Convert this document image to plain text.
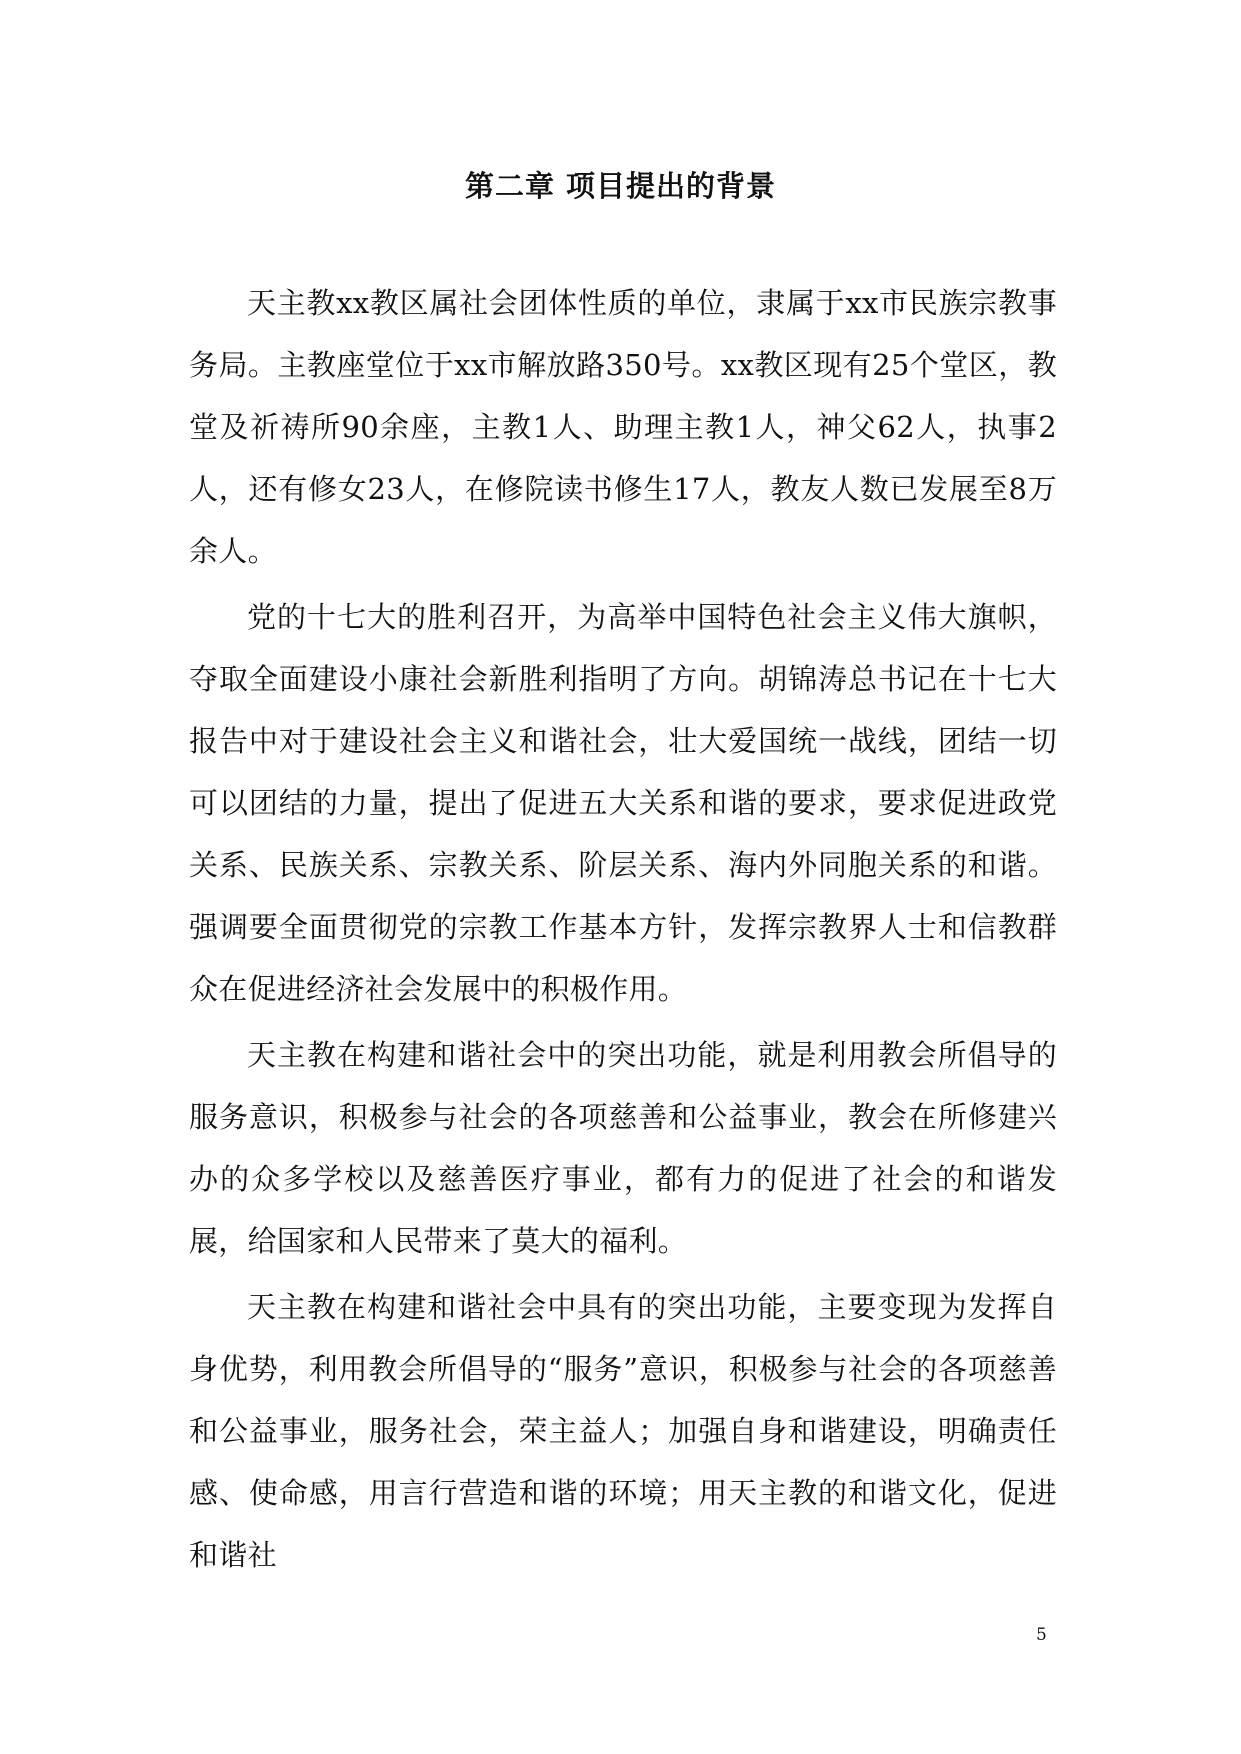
第二章 项目提出的背景

天主教xx教区属社会团体性质的单位，隶属于xx市民族宗教事务局。主教座堂位于xx市解放路350号。xx教区现有25个堂区，教堂及祈祷所90余座，主教1人、助理主教1人，神父62人，执事2人，还有修女23人，在修院读书修生17人，教友人数已发展至8万余人。

党的十七大的胜利召开，为高举中国特色社会主义伟大旗帜，夺取全面建设小康社会新胜利指明了方向。胡锦涛总书记在十七大报告中对于建设社会主义和谐社会，壮大爱国统一战线，团结一切可以团结的力量，提出了促进五大关系和谐的要求，要求促进政党关系、民族关系、宗教关系、阶层关系、海内外同胞关系的和谐。强调要全面贯彻党的宗教工作基本方针，发挥宗教界人士和信教群众在促进经济社会发展中的积极作用。

天主教在构建和谐社会中的突出功能，就是利用教会所倡导的服务意识，积极参与社会的各项慈善和公益事业，教会在所修建兴办的众多学校以及慈善医疗事业，都有力的促进了社会的和谐发展，给国家和人民带来了莫大的福利。

天主教在构建和谐社会中具有的突出功能，主要变现为发挥自身优势，利用教会所倡导的“服务”意识，积极参与社会的各项慈善和公益事业，服务社会，荣主益人；加强自身和谐建设，明确责任感、使命感，用言行营造和谐的环境；用天主教的和谐文化，促进和谐社

5
